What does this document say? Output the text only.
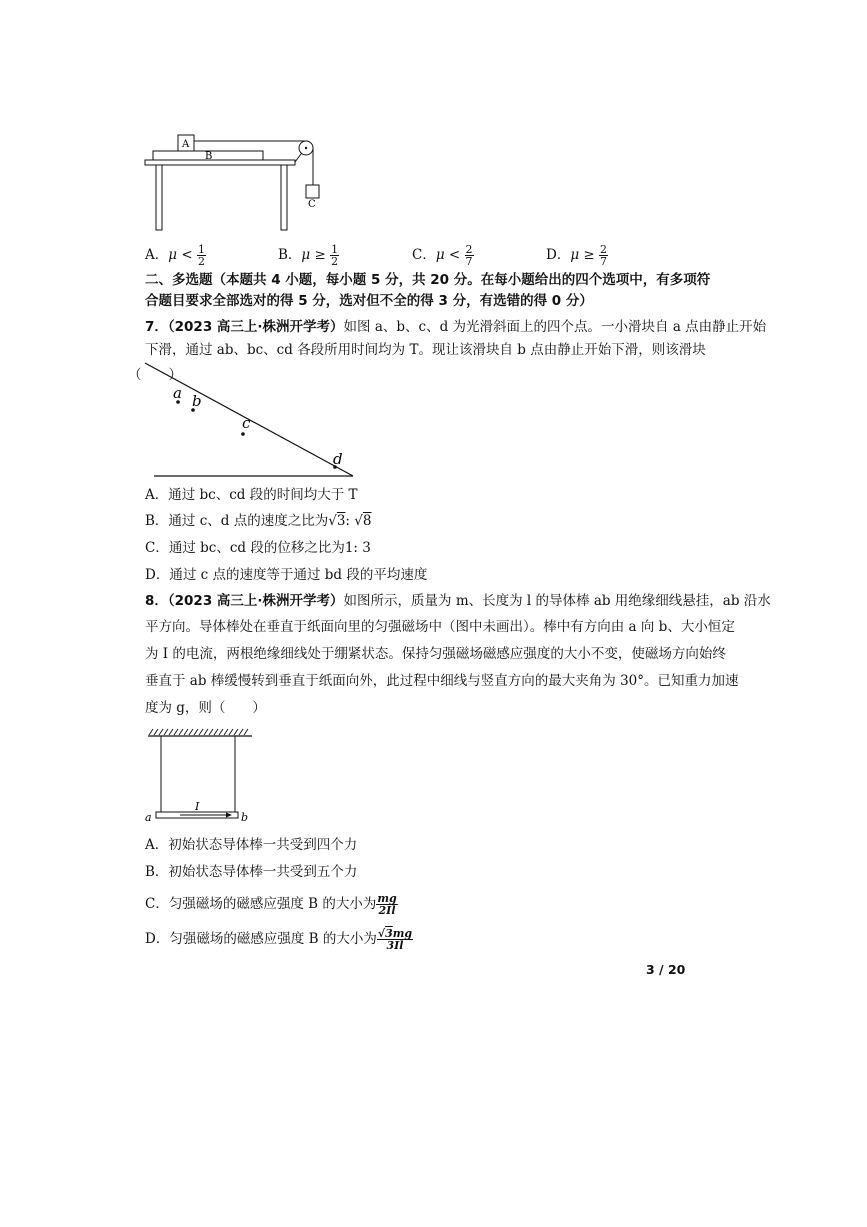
A
B
C
A．$\mu < \frac{1}{2}$	B．$\mu \ge \frac{1}{2}$	C．$\mu < \frac{2}{7}$	D．$\mu \ge \frac{2}{7}$
二、多选题（本题共 4 小题，每小题 5 分，共 20 分。在每小题给出的四个选项中，有多项符
合题目要求全部选对的得 5 分，选对但不全的得 3 分，有选错的得 0 分）
7．（2023 高三上·株洲开学考）如图 a、b、c、d 为光滑斜面上的四个点。一小滑块自 a 点由静止开始
下滑，通过 ab、bc、cd 各段所用时间均为 T。现让该滑块自 b 点由静止开始下滑，则该滑块
（　　）
a b
c
d
A．通过 bc、cd 段的时间均大于 T
B．通过 c、d 点的速度之比为√3: √8
C．通过 bc、cd 段的位移之比为1: 3
D．通过 c 点的速度等于通过 bd 段的平均速度
8．（2023 高三上·株洲开学考）如图所示，质量为 m、长度为 l 的导体棒 ab 用绝缘细线悬挂，ab 沿水
平方向。导体棒处在垂直于纸面向里的匀强磁场中（图中未画出）。棒中有方向由 a 向 b、大小恒定
为 I 的电流，两根绝缘细线处于绷紧状态。保持匀强磁场磁感应强度的大小不变，使磁场方向始终
垂直于 ab 棒缓慢转到垂直于纸面向外，此过程中细线与竖直方向的最大夹角为 30°。已知重力加速
度为 g，则（　　）
I
a	b
A．初始状态导体棒一共受到四个力
B．初始状态导体棒一共受到五个力
C．匀强磁场的磁感应强度 B 的大小为 $\frac{mg}{2Il}$
D．匀强磁场的磁感应强度 B 的大小为 $\frac{√3mg}{3Il}$
3 / 20
